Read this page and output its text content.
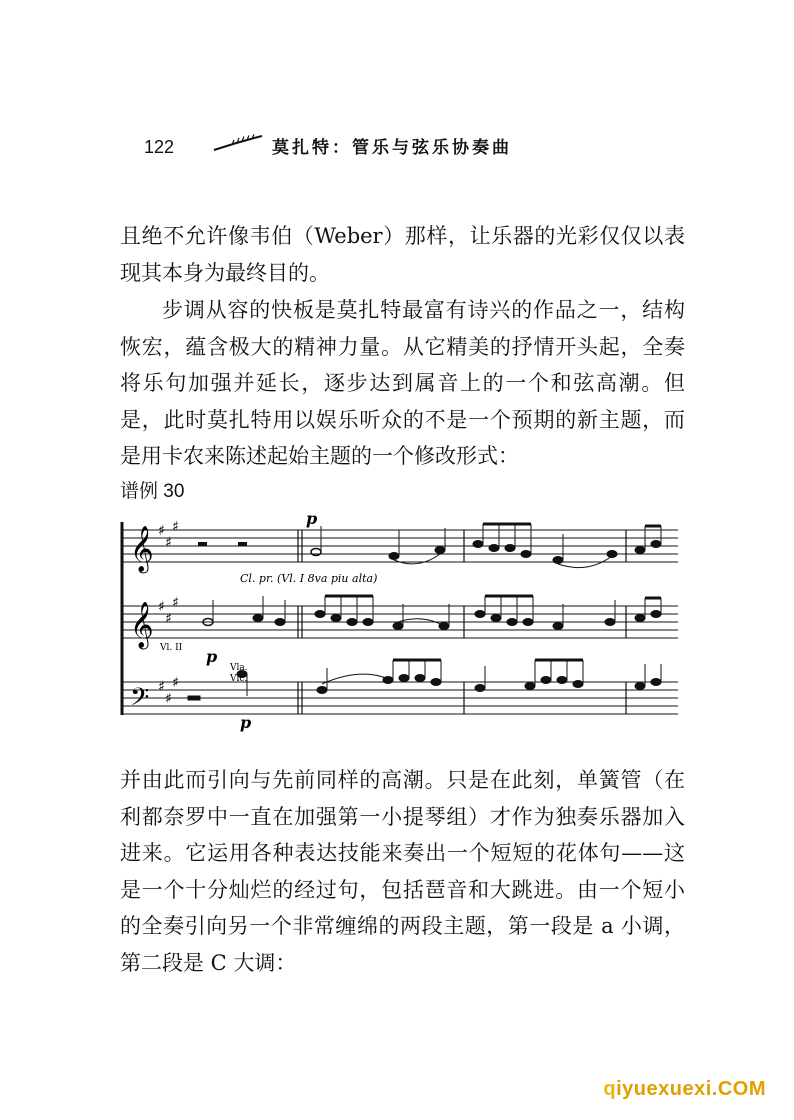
122	莫扎特：管乐与弦乐协奏曲

且绝不允许像韦伯（Weber）那样，让乐器的光彩仅仅以表现其本身为最终目的。

步调从容的快板是莫扎特最富有诗兴的作品之一，结构恢宏，蕴含极大的精神力量。从它精美的抒情开头起，全奏将乐句加强并延长，逐步达到属音上的一个和弦高潮。但是，此时莫扎特用以娱乐听众的不是一个预期的新主题，而是用卡农来陈述起始主题的一个修改形式：

谱例 30
𝄞
𝄞
𝄢
♯
♯
♯
♯
♯
♯
♯
♯
♯
p
p
p
Cl. pr. (Vl. I 8va piu alta)
Vl. II
Vla.
Vlc.

并由此而引向与先前同样的高潮。只是在此刻，单簧管（在利都奈罗中一直在加强第一小提琴组）才作为独奏乐器加入进来。它运用各种表达技能来奏出一个短短的花体句——这是一个十分灿烂的经过句，包括琶音和大跳进。由一个短小的全奏引向另一个非常缠绵的两段主题，第一段是 a 小调，第二段是 C 大调：

qiyuexuexi.COM
